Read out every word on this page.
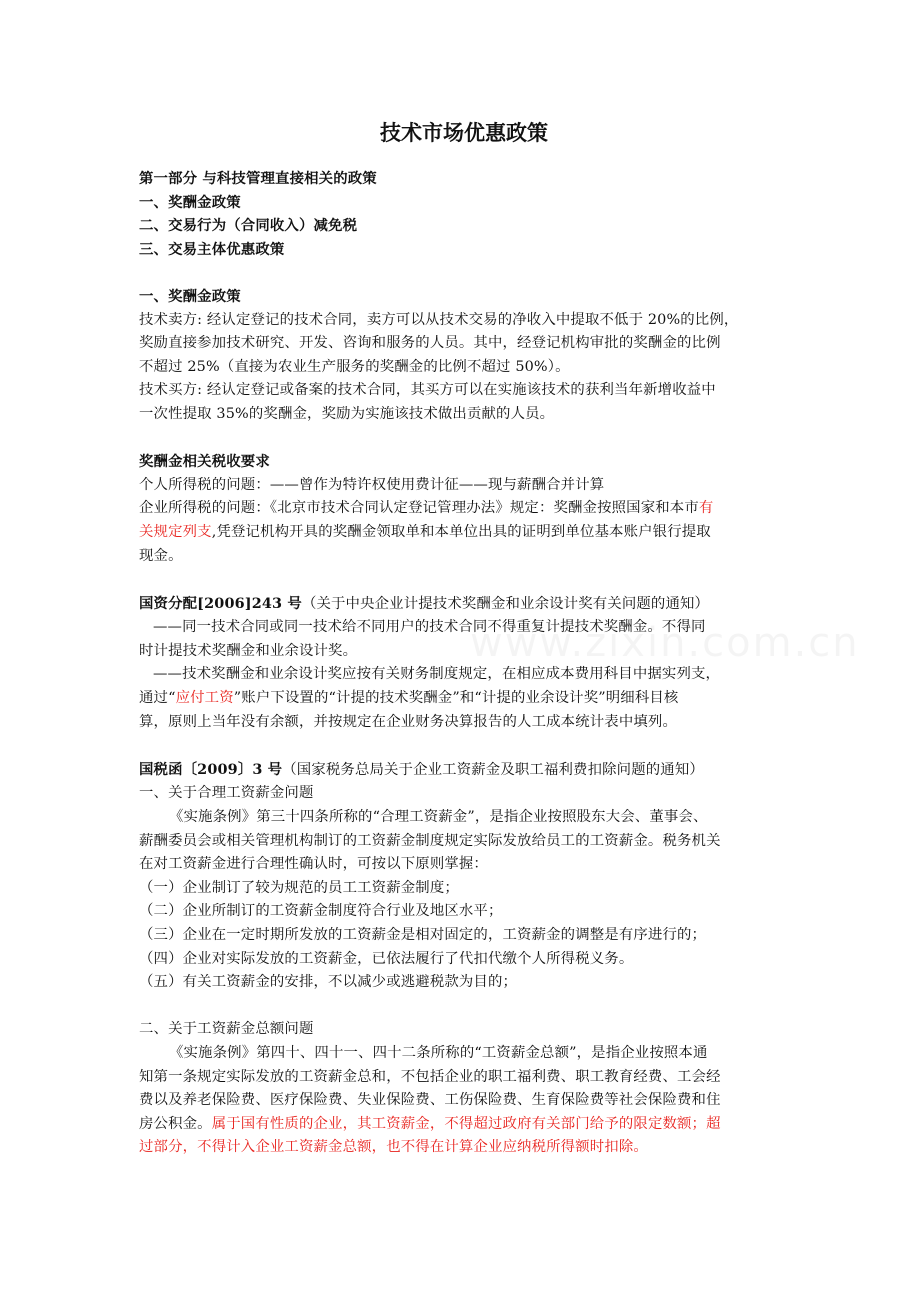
技术市场优惠政策

第一部分 与科技管理直接相关的政策

一、奖酬金政策

二、交易行为（合同收入）减免税

三、交易主体优惠政策

一、奖酬金政策

技术卖方: 经认定登记的技术合同，卖方可以从技术交易的净收入中提取不低于 20%的比例，

奖励直接参加技术研究、开发、咨询和服务的人员。其中，经登记机构审批的奖酬金的比例

不超过 25%（直接为农业生产服务的奖酬金的比例不超过 50%）。

技术买方: 经认定登记或备案的技术合同，其买方可以在实施该技术的获利当年新增收益中

一次性提取 35%的奖酬金，奖励为实施该技术做出贡献的人员。

奖酬金相关税收要求

个人所得税的问题：——曾作为特许权使用费计征——现与薪酬合并计算

企业所得税的问题：《北京市技术合同认定登记管理办法》规定：奖酬金按照国家和本市有

关规定列支,凭登记机构开具的奖酬金领取单和本单位出具的证明到单位基本账户银行提取

现金。

国资分配[2006]243 号（关于中央企业计提技术奖酬金和业余设计奖有关问题的通知）

——同一技术合同或同一技术给不同用户的技术合同不得重复计提技术奖酬金。不得同

时计提技术奖酬金和业余设计奖。

——技术奖酬金和业余设计奖应按有关财务制度规定，在相应成本费用科目中据实列支，

通过“应付工资”账户下设置的“计提的技术奖酬金”和“计提的业余设计奖”明细科目核

算，原则上当年没有余额，并按规定在企业财务决算报告的人工成本统计表中填列。

国税函〔2009〕3 号（国家税务总局关于企业工资薪金及职工福利费扣除问题的通知）

一、关于合理工资薪金问题

《实施条例》第三十四条所称的“合理工资薪金”，是指企业按照股东大会、董事会、

薪酬委员会或相关管理机构制订的工资薪金制度规定实际发放给员工的工资薪金。税务机关

在对工资薪金进行合理性确认时，可按以下原则掌握：

（一）企业制订了较为规范的员工工资薪金制度；

（二）企业所制订的工资薪金制度符合行业及地区水平；

（三）企业在一定时期所发放的工资薪金是相对固定的，工资薪金的调整是有序进行的；

（四）企业对实际发放的工资薪金，已依法履行了代扣代缴个人所得税义务。

（五）有关工资薪金的安排，不以减少或逃避税款为目的；

二、关于工资薪金总额问题

《实施条例》第四十、四十一、四十二条所称的“工资薪金总额”，是指企业按照本通

知第一条规定实际发放的工资薪金总和，不包括企业的职工福利费、职工教育经费、工会经

费以及养老保险费、医疗保险费、失业保险费、工伤保险费、生育保险费等社会保险费和住

房公积金。属于国有性质的企业，其工资薪金，不得超过政府有关部门给予的限定数额；超

过部分，不得计入企业工资薪金总额，也不得在计算企业应纳税所得额时扣除。
